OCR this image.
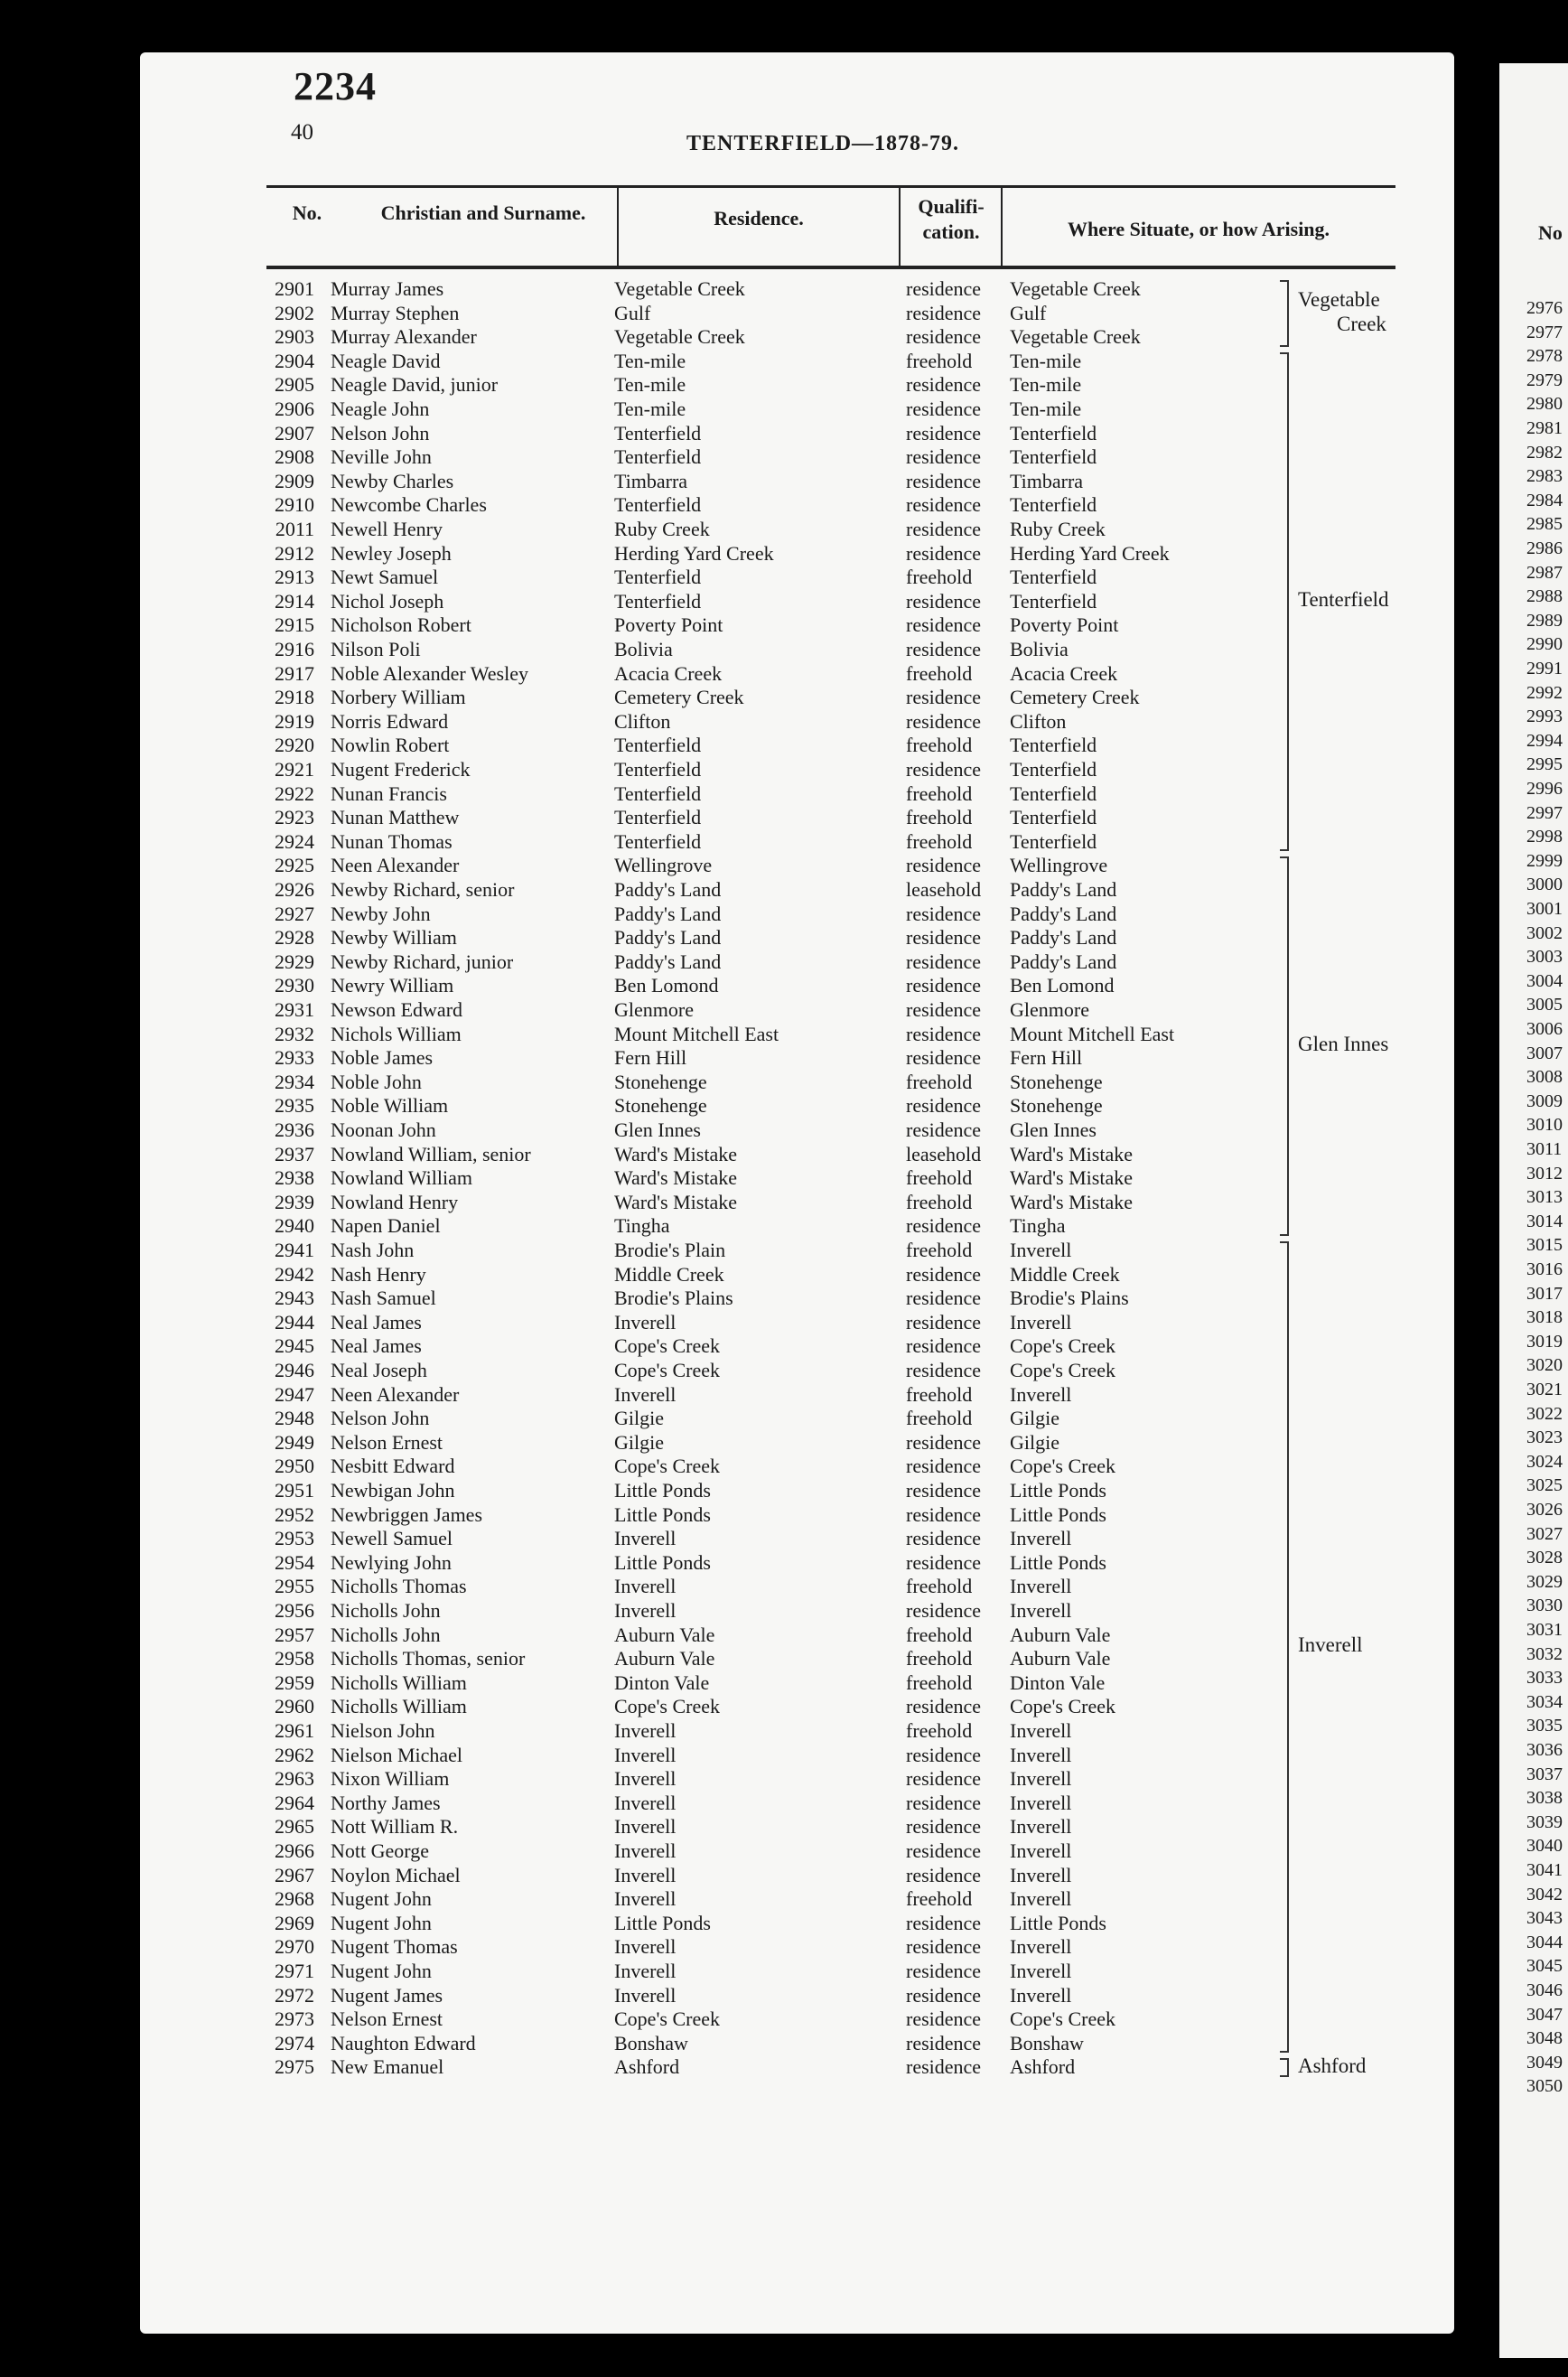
2234
40	TENTERFIELD—1878-79.
No.	Christian and Surname.	Residence.
Qualifi-
cation.	Where Situate, or how Arising.	No
2901 Murray James	Vegetable Creek	residence Vegetable Creek
2902 Murray Stephen	Gulf	residence Gulf
2903 Murray Alexander	Vegetable Creek	residence Vegetable Creek
2904 Neagle David	Ten-mile	freehold Ten-mile
2905 Neagle David, junior	Ten-mile	residence Ten-mile
2906 Neagle John	Ten-mile	residence Ten-mile
2907 Nelson John	Tenterfield	residence Tenterfield
2908 Neville John	Tenterfield	residence Tenterfield
2909 Newby Charles	Timbarra	residence Timbarra
2910 Newcombe Charles	Tenterfield	residence Tenterfield
2011 Newell Henry	Ruby Creek	residence Ruby Creek
2912 Newley Joseph	Herding Yard Creek	residence Herding Yard Creek
2913 Newt Samuel	Tenterfield	freehold Tenterfield
2914 Nichol Joseph	Tenterfield	residence Tenterfield
2915 Nicholson Robert	Poverty Point	residence Poverty Point
2916 Nilson Poli	Bolivia	residence Bolivia
2917 Noble Alexander Wesley	Acacia Creek	freehold Acacia Creek
2918 Norbery William	Cemetery Creek	residence Cemetery Creek
2919 Norris Edward	Clifton	residence Clifton
2920 Nowlin Robert	Tenterfield	freehold Tenterfield
2921 Nugent Frederick	Tenterfield	residence Tenterfield
2922 Nunan Francis	Tenterfield	freehold Tenterfield
2923 Nunan Matthew	Tenterfield	freehold Tenterfield
2924 Nunan Thomas	Tenterfield	freehold Tenterfield
2925 Neen Alexander	Wellingrove	residence Wellingrove
2926 Newby Richard, senior	Paddy's Land	leasehold Paddy's Land
2927 Newby John	Paddy's Land	residence Paddy's Land
2928 Newby William	Paddy's Land	residence Paddy's Land
2929 Newby Richard, junior	Paddy's Land	residence Paddy's Land
2930 Newry William	Ben Lomond	residence Ben Lomond
2931 Newson Edward	Glenmore	residence Glenmore
2932 Nichols William	Mount Mitchell East	residence Mount Mitchell East
2933 Noble James	Fern Hill	residence Fern Hill
2934 Noble John	Stonehenge	freehold Stonehenge
2935 Noble William	Stonehenge	residence Stonehenge
2936 Noonan John	Glen Innes	residence Glen Innes
2937 Nowland William, senior	Ward's Mistake	leasehold Ward's Mistake
2938 Nowland William	Ward's Mistake	freehold Ward's Mistake
2939 Nowland Henry	Ward's Mistake	freehold Ward's Mistake
2940 Napen Daniel	Tingha	residence Tingha
2941 Nash John	Brodie's Plain	freehold Inverell
2942 Nash Henry	Middle Creek	residence Middle Creek
2943 Nash Samuel	Brodie's Plains	residence Brodie's Plains
2944 Neal James	Inverell	residence Inverell
2945 Neal James	Cope's Creek	residence Cope's Creek
2946 Neal Joseph	Cope's Creek	residence Cope's Creek
2947 Neen Alexander	Inverell	freehold Inverell
2948 Nelson John	Gilgie	freehold Gilgie
2949 Nelson Ernest	Gilgie	residence Gilgie
2950 Nesbitt Edward	Cope's Creek	residence Cope's Creek
2951 Newbigan John	Little Ponds	residence Little Ponds
2952 Newbriggen James	Little Ponds	residence Little Ponds
2953 Newell Samuel	Inverell	residence Inverell
2954 Newlying John	Little Ponds	residence Little Ponds
2955 Nicholls Thomas	Inverell	freehold Inverell
2956 Nicholls John	Inverell	residence Inverell
2957 Nicholls John	Auburn Vale	freehold Auburn Vale
2958 Nicholls Thomas, senior	Auburn Vale	freehold Auburn Vale
2959 Nicholls William	Dinton Vale	freehold Dinton Vale
2960 Nicholls William	Cope's Creek	residence Cope's Creek
2961 Nielson John	Inverell	freehold Inverell
2962 Nielson Michael	Inverell	residence Inverell
2963 Nixon William	Inverell	residence Inverell
2964 Northy James	Inverell	residence Inverell
2965 Nott William R.	Inverell	residence Inverell
2966 Nott George	Inverell	residence Inverell
2967 Noylon Michael	Inverell	residence Inverell
2968 Nugent John	Inverell	freehold Inverell
2969 Nugent John	Little Ponds	residence Little Ponds
2970 Nugent Thomas	Inverell	residence Inverell
2971 Nugent John	Inverell	residence Inverell
2972 Nugent James	Inverell	residence Inverell
2973 Nelson Ernest	Cope's Creek	residence Cope's Creek
2974 Naughton Edward	Bonshaw	residence Bonshaw
2975 New Emanuel	Ashford	residence Ashford
Vegetable
Creek
Tenterfield
Glen Innes
Inverell
Ashford
2976
2977
2978
2979
2980
2981
2982
2983
2984
2985
2986
2987
2988
2989
2990
2991
2992
2993
2994
2995
2996
2997
2998
2999
3000
3001
3002
3003
3004
3005
3006
3007
3008
3009
3010
3011
3012
3013
3014
3015
3016
3017
3018
3019
3020
3021
3022
3023
3024
3025
3026
3027
3028
3029
3030
3031
3032
3033
3034
3035
3036
3037
3038
3039
3040
3041
3042
3043
3044
3045
3046
3047
3048
3049
3050
